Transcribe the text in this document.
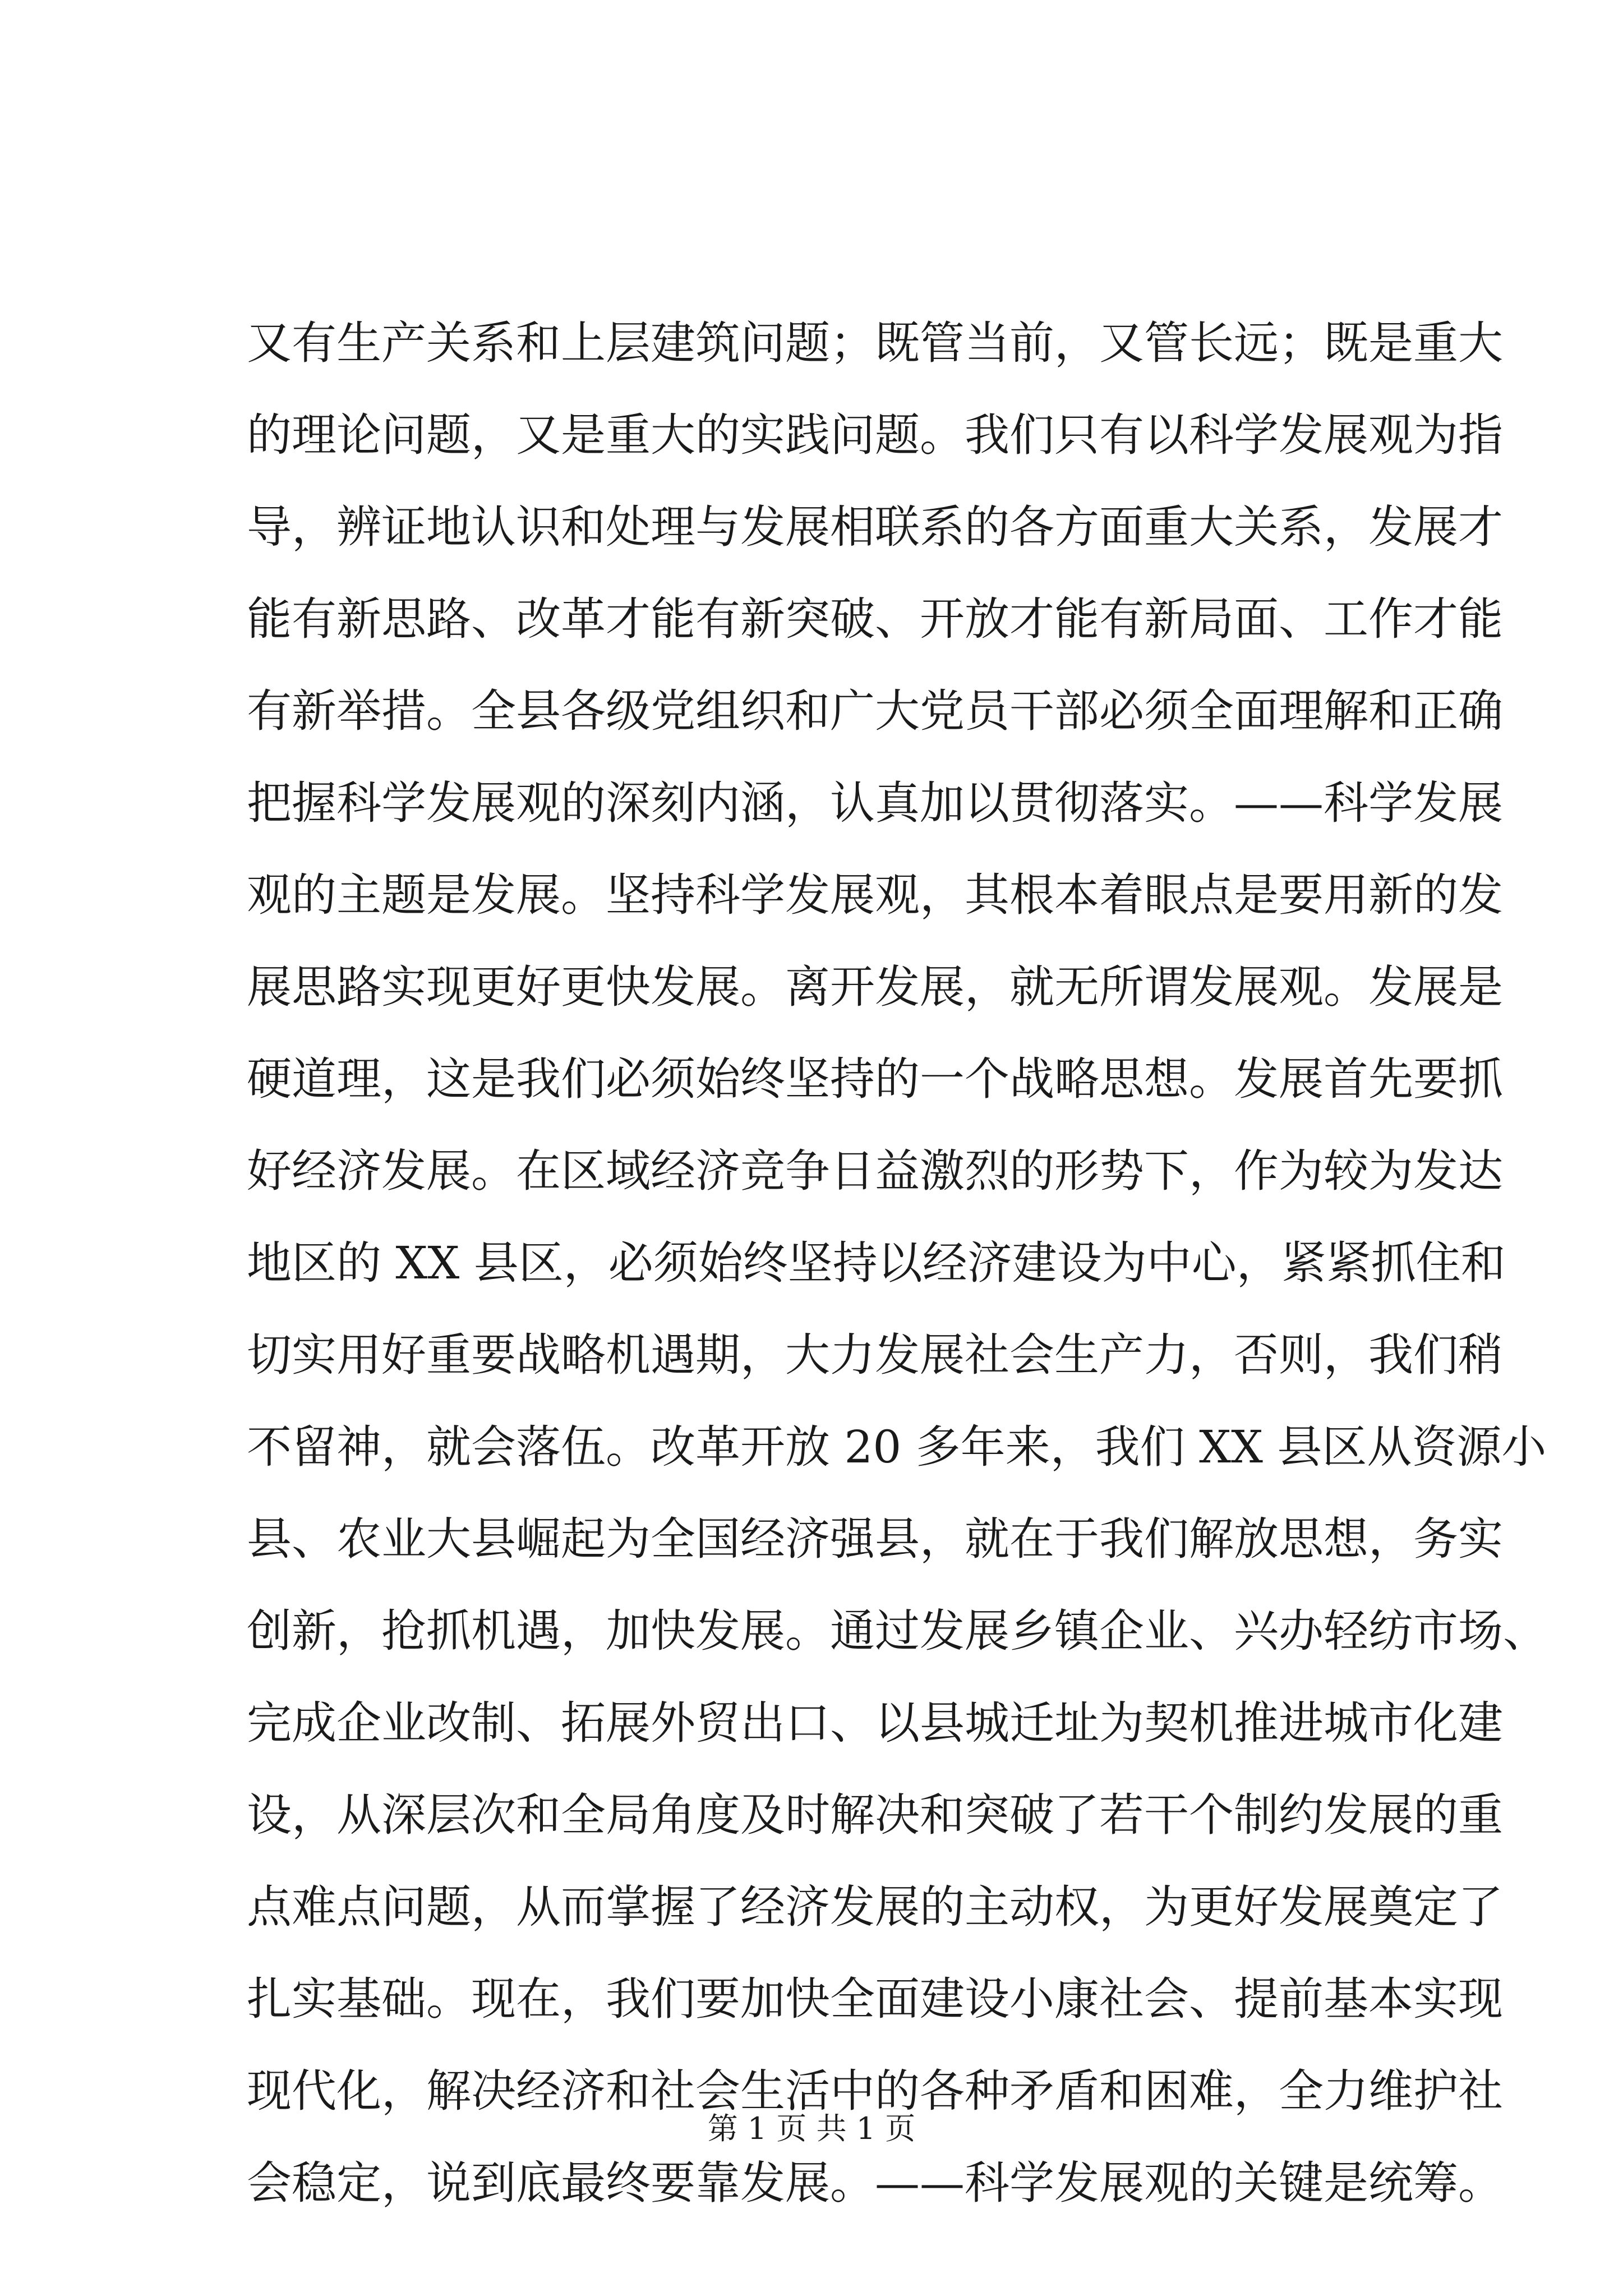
又有生产关系和上层建筑问题；既管当前，又管长远；既是重大
的理论问题，又是重大的实践问题。我们只有以科学发展观为指
导，辨证地认识和处理与发展相联系的各方面重大关系，发展才
能有新思路、改革才能有新突破、开放才能有新局面、工作才能
有新举措。全县各级党组织和广大党员干部必须全面理解和正确
把握科学发展观的深刻内涵，认真加以贯彻落实。——科学发展
观的主题是发展。坚持科学发展观，其根本着眼点是要用新的发
展思路实现更好更快发展。离开发展，就无所谓发展观。发展是
硬道理，这是我们必须始终坚持的一个战略思想。发展首先要抓
好经济发展。在区域经济竞争日益激烈的形势下，作为较为发达
地区的 XX 县区，必须始终坚持以经济建设为中心，紧紧抓住和
切实用好重要战略机遇期，大力发展社会生产力，否则，我们稍
不留神，就会落伍。改革开放 20 多年来，我们 XX 县区从资源小
县、农业大县崛起为全国经济强县，就在于我们解放思想，务实
创新，抢抓机遇，加快发展。通过发展乡镇企业、兴办轻纺市场、
完成企业改制、拓展外贸出口、以县城迁址为契机推进城市化建
设，从深层次和全局角度及时解决和突破了若干个制约发展的重
点难点问题，从而掌握了经济发展的主动权，为更好发展奠定了
扎实基础。现在，我们要加快全面建设小康社会、提前基本实现
现代化，解决经济和社会生活中的各种矛盾和困难，全力维护社
会稳定，说到底最终要靠发展。——科学发展观的关键是统筹。
第 1 页 共 1 页
